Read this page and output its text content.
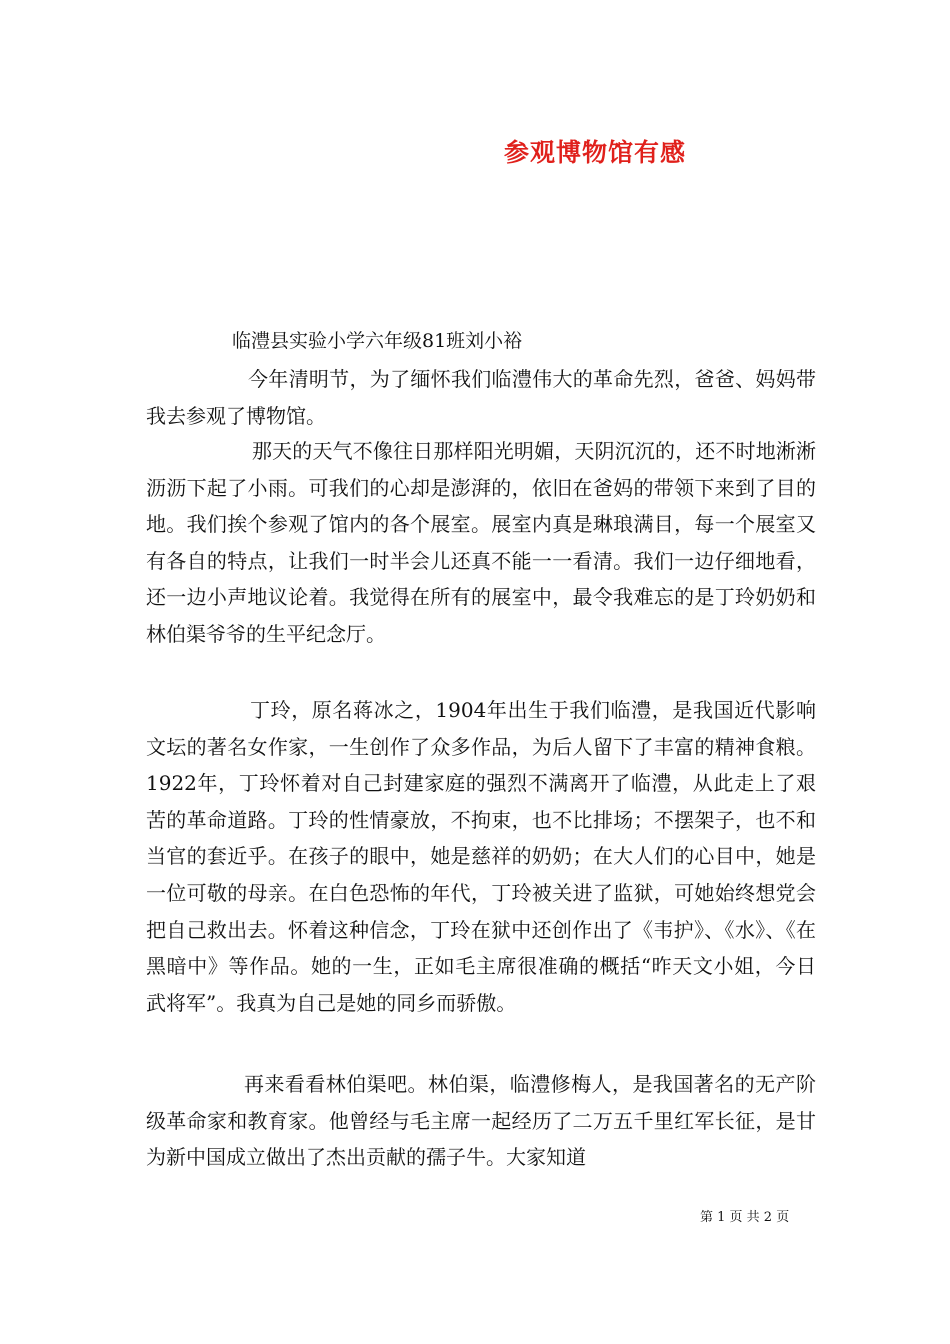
参观博物馆有感
临澧县实验小学六年级81班刘小裕

今年清明节，为了缅怀我们临澧伟大的革命先烈，爸爸、妈妈带我去参观了博物馆。

那天的天气不像往日那样阳光明媚，天阴沉沉的，还不时地淅淅沥沥下起了小雨。可我们的心却是澎湃的，依旧在爸妈的带领下来到了目的地。我们挨个参观了馆内的各个展室。展室内真是琳琅满目，每一个展室又有各自的特点，让我们一时半会儿还真不能一一看清。我们一边仔细地看，还一边小声地议论着。我觉得在所有的展室中，最令我难忘的是丁玲奶奶和林伯渠爷爷的生平纪念厅。

丁玲，原名蒋冰之，1904年出生于我们临澧，是我国近代影响文坛的著名女作家，一生创作了众多作品，为后人留下了丰富的精神食粮。1922年，丁玲怀着对自己封建家庭的强烈不满离开了临澧，从此走上了艰苦的革命道路。丁玲的性情豪放，不拘束，也不比排场；不摆架子，也不和当官的套近乎。在孩子的眼中，她是慈祥的奶奶；在大人们的心目中，她是一位可敬的母亲。在白色恐怖的年代，丁玲被关进了监狱，可她始终想党会把自己救出去。怀着这种信念，丁玲在狱中还创作出了《韦护》、《水》、《在黑暗中》等作品。她的一生，正如毛主席很准确的概括“昨天文小姐，今日武将军”。我真为自己是她的同乡而骄傲。

再来看看林伯渠吧。林伯渠，临澧修梅人，是我国著名的无产阶级革命家和教育家。他曾经与毛主席一起经历了二万五千里红军长征，是甘为新中国成立做出了杰出贡献的孺子牛。大家知道

第 1 页 共 2 页
